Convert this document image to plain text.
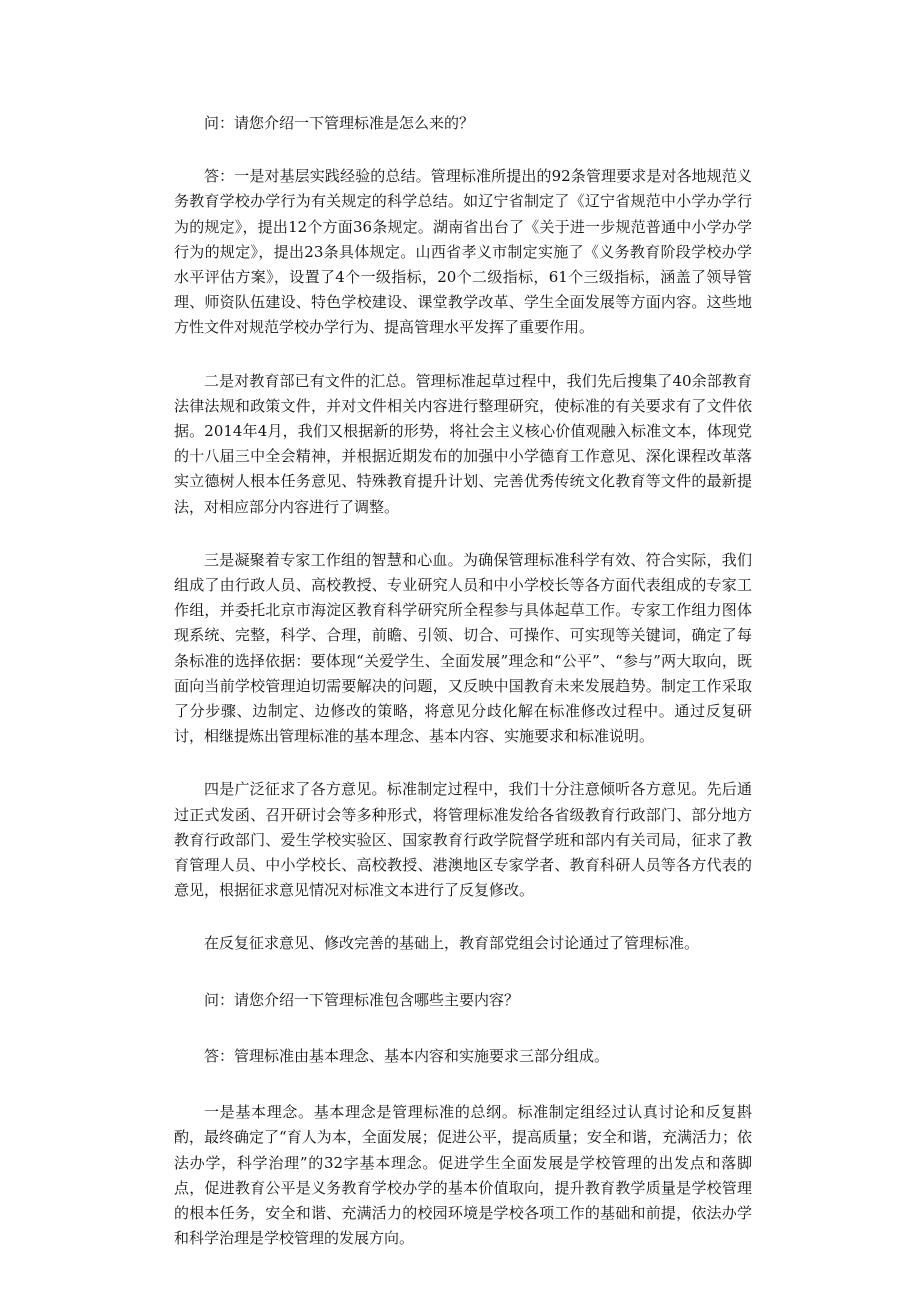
问：请您介绍一下管理标准是怎么来的？

答：一是对基层实践经验的总结。管理标准所提出的92条管理要求是对各地规范义务教育学校办学行为有关规定的科学总结。如辽宁省制定了《辽宁省规范中小学办学行为的规定》，提出12个方面36条规定。湖南省出台了《关于进一步规范普通中小学办学行为的规定》，提出23条具体规定。山西省孝义市制定实施了《义务教育阶段学校办学水平评估方案》，设置了4个一级指标，20个二级指标，61个三级指标，涵盖了领导管理、师资队伍建设、特色学校建设、课堂教学改革、学生全面发展等方面内容。这些地方性文件对规范学校办学行为、提高管理水平发挥了重要作用。

二是对教育部已有文件的汇总。管理标准起草过程中，我们先后搜集了40余部教育法律法规和政策文件，并对文件相关内容进行整理研究，使标准的有关要求有了文件依据。2014年4月，我们又根据新的形势，将社会主义核心价值观融入标准文本，体现党的十八届三中全会精神，并根据近期发布的加强中小学德育工作意见、深化课程改革落实立德树人根本任务意见、特殊教育提升计划、完善优秀传统文化教育等文件的最新提法，对相应部分内容进行了调整。

三是凝聚着专家工作组的智慧和心血。为确保管理标准科学有效、符合实际，我们组成了由行政人员、高校教授、专业研究人员和中小学校长等各方面代表组成的专家工作组，并委托北京市海淀区教育科学研究所全程参与具体起草工作。专家工作组力图体现系统、完整，科学、合理，前瞻、引领、切合、可操作、可实现等关键词，确定了每条标准的选择依据：要体现“关爱学生、全面发展”理念和“公平”、“参与”两大取向，既面向当前学校管理迫切需要解决的问题，又反映中国教育未来发展趋势。制定工作采取了分步骤、边制定、边修改的策略，将意见分歧化解在标准修改过程中。通过反复研讨，相继提炼出管理标准的基本理念、基本内容、实施要求和标准说明。

四是广泛征求了各方意见。标准制定过程中，我们十分注意倾听各方意见。先后通过正式发函、召开研讨会等多种形式，将管理标准发给各省级教育行政部门、部分地方教育行政部门、爱生学校实验区、国家教育行政学院督学班和部内有关司局，征求了教育管理人员、中小学校长、高校教授、港澳地区专家学者、教育科研人员等各方代表的意见，根据征求意见情况对标准文本进行了反复修改。

在反复征求意见、修改完善的基础上，教育部党组会讨论通过了管理标准。

问：请您介绍一下管理标准包含哪些主要内容？

答：管理标准由基本理念、基本内容和实施要求三部分组成。

一是基本理念。基本理念是管理标准的总纲。标准制定组经过认真讨论和反复斟酌，最终确定了“育人为本，全面发展；促进公平，提高质量；安全和谐，充满活力；依法办学，科学治理”的32字基本理念。促进学生全面发展是学校管理的出发点和落脚点，促进教育公平是义务教育学校办学的基本价值取向，提升教育教学质量是学校管理的根本任务，安全和谐、充满活力的校园环境是学校各项工作的基础和前提，依法办学和科学治理是学校管理的发展方向。
